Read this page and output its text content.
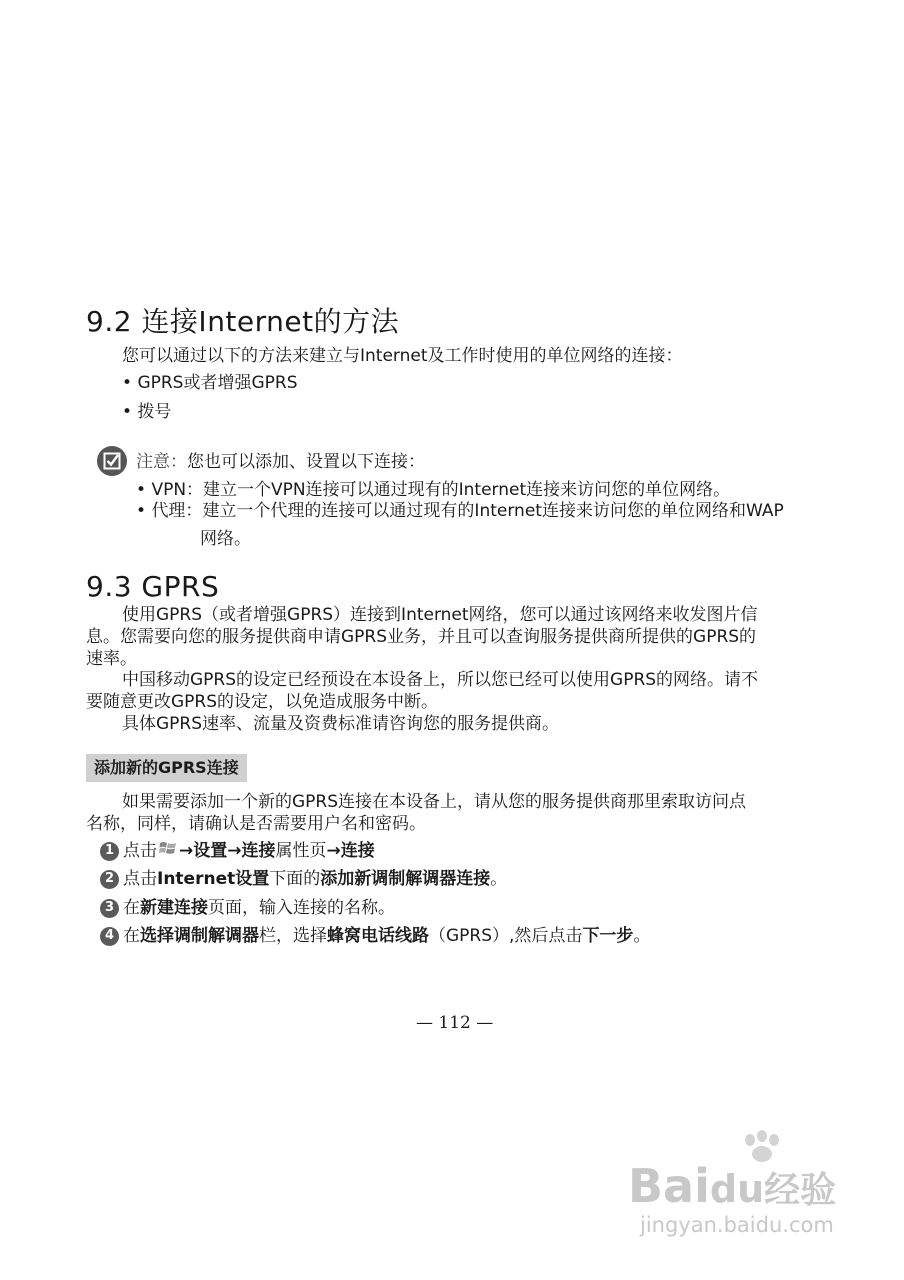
9.2 连接Internet的方法

您可以通过以下的方法来建立与Internet及工作时使用的单位网络的连接：

• GPRS或者增强GPRS

• 拨号

注意：您也可以添加、设置以下连接：

• VPN：建立一个VPN连接可以通过现有的Internet连接来访问您的单位网络。

• 代理：建立一个代理的连接可以通过现有的Internet连接来访问您的单位网络和WAP

网络。

9.3 GPRS

使用GPRS（或者增强GPRS）连接到Internet网络，您可以通过该网络来收发图片信

息。您需要向您的服务提供商申请GPRS业务，并且可以查询服务提供商所提供的GPRS的

速率。

中国移动GPRS的设定已经预设在本设备上，所以您已经可以使用GPRS的网络。请不

要随意更改GPRS的设定，以免造成服务中断。

具体GPRS速率、流量及资费标准请咨询您的服务提供商。

添加新的GPRS连接

如果需要添加一个新的GPRS连接在本设备上，请从您的服务提供商那里索取访问点

名称，同样，请确认是否需要用户名和密码。

1 点击 → 设置 → 连接 属性页 → 连接
2 点击 Internet设置 下面的 添加新调制解调器连接 。
3 在 新建连接 页面，输入连接的名称。
4 在 选择调制解调器 栏，选择 蜂窝电话线路 （GPRS）,然后点击 下一步 。
— 112 —
Baidu经验
jingyan.baidu.com
